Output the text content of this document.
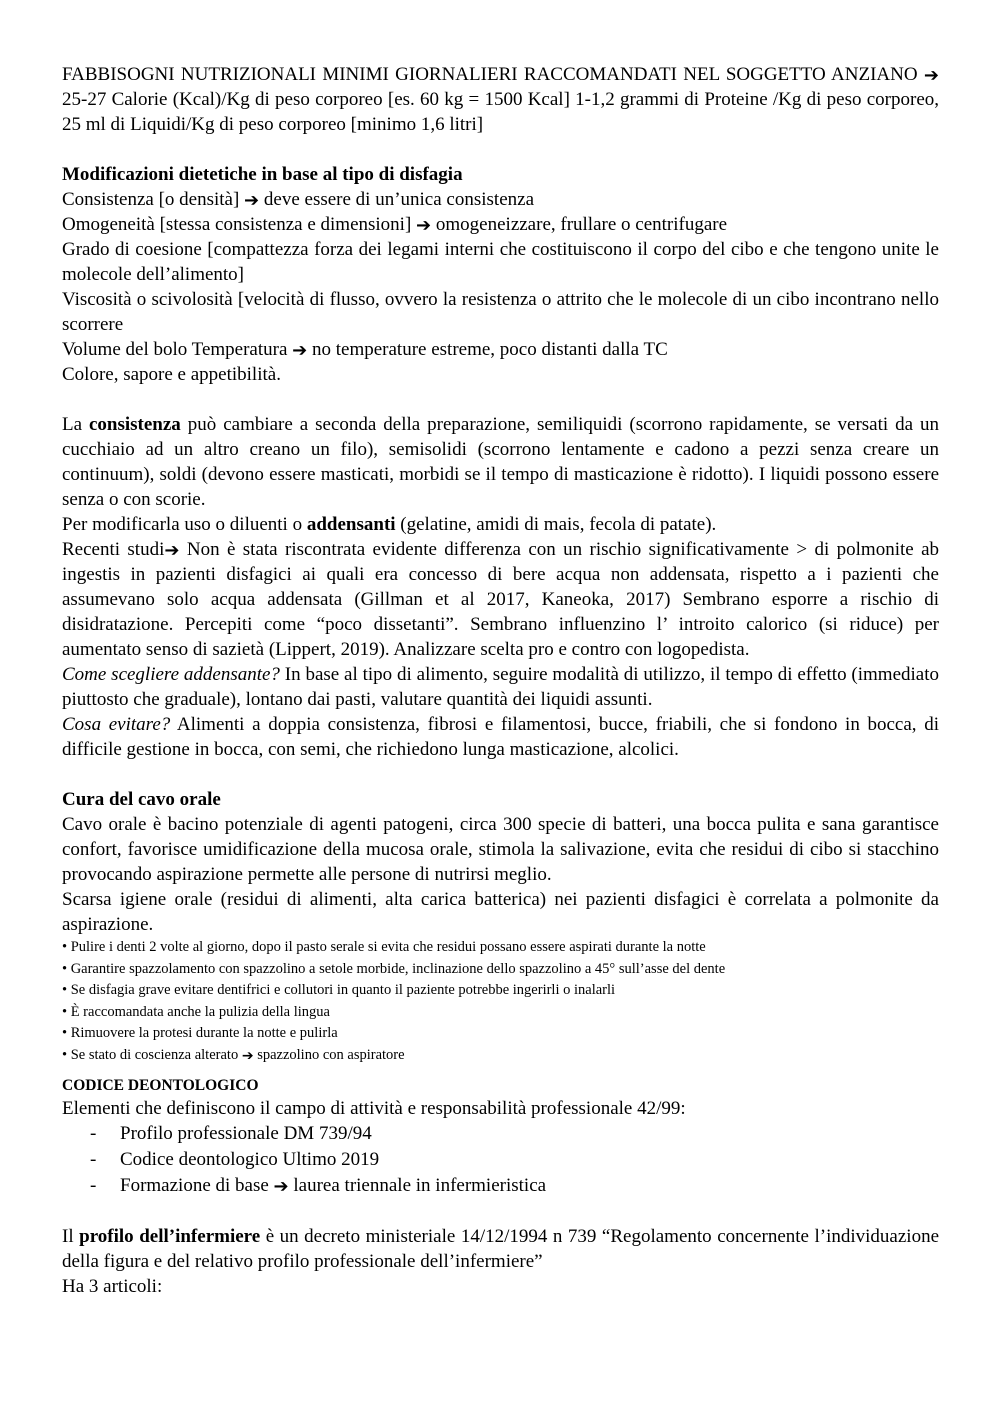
FABBISOGNI NUTRIZIONALI MINIMI GIORNALIERI RACCOMANDATI NEL SOGGETTO ANZIANO ➔ 25-27 Calorie (Kcal)/Kg di peso corporeo [es. 60 kg = 1500 Kcal] 1-1,2 grammi di Proteine /Kg di peso corporeo, 25 ml di Liquidi/Kg di peso corporeo [minimo 1,6 litri]

Modificazioni dietetiche in base al tipo di disfagia

Consistenza [o densità] ➔ deve essere di un’unica consistenza

Omogeneità [stessa consistenza e dimensioni] ➔ omogeneizzare, frullare o centrifugare

Grado di coesione [compattezza forza dei legami interni che costituiscono il corpo del cibo e che tengono unite le molecole dell’alimento]

Viscosità o scivolosità [velocità di flusso, ovvero la resistenza o attrito che le molecole di un cibo incontrano nello scorrere

Volume del bolo Temperatura ➔ no temperature estreme, poco distanti dalla TC

Colore, sapore e appetibilità.

La consistenza può cambiare a seconda della preparazione, semiliquidi (scorrono rapidamente, se versati da un cucchiaio ad un altro creano un filo), semisolidi (scorrono lentamente e cadono a pezzi senza creare un continuum), soldi (devono essere masticati, morbidi se il tempo di masticazione è ridotto). I liquidi possono essere senza o con scorie.

Per modificarla uso o diluenti o addensanti (gelatine, amidi di mais, fecola di patate).

Recenti studi➔ Non è stata riscontrata evidente differenza con un rischio significativamente > di polmonite ab ingestis in pazienti disfagici ai quali era concesso di bere acqua non addensata, rispetto a i pazienti che assumevano solo acqua addensata (Gillman et al 2017, Kaneoka, 2017) Sembrano esporre a rischio di disidratazione. Percepiti come “poco dissetanti”. Sembrano influenzino l’ introito calorico (si riduce) per aumentato senso di sazietà (Lippert, 2019). Analizzare scelta pro e contro con logopedista.

Come scegliere addensante? In base al tipo di alimento, seguire modalità di utilizzo, il tempo di effetto (immediato piuttosto che graduale), lontano dai pasti, valutare quantità dei liquidi assunti.

Cosa evitare? Alimenti a doppia consistenza, fibrosi e filamentosi, bucce, friabili, che si fondono in bocca, di difficile gestione in bocca, con semi, che richiedono lunga masticazione, alcolici.

Cura del cavo orale

Cavo orale è bacino potenziale di agenti patogeni, circa 300 specie di batteri, una bocca pulita e sana garantisce confort, favorisce umidificazione della mucosa orale, stimola la salivazione, evita che residui di cibo si stacchino provocando aspirazione permette alle persone di nutrirsi meglio.

Scarsa igiene orale (residui di alimenti, alta carica batterica) nei pazienti disfagici è correlata a polmonite da aspirazione.

• Pulire i denti 2 volte al giorno, dopo il pasto serale si evita che residui possano essere aspirati durante la notte

• Garantire spazzolamento con spazzolino a setole morbide, inclinazione dello spazzolino a 45° sull’asse del dente

• Se disfagia grave evitare dentifrici e collutori in quanto il paziente potrebbe ingerirli o inalarli

• È raccomandata anche la pulizia della lingua

• Rimuovere la protesi durante la notte e pulirla

• Se stato di coscienza alterato ➔ spazzolino con aspiratore

CODICE DEONTOLOGICO

Elementi che definiscono il campo di attività e responsabilità professionale 42/99:

-	Profilo professionale DM 739/94
-	Codice deontologico Ultimo 2019
-	Formazione di base ➔ laurea triennale in infermieristica

Il profilo dell’infermiere è un decreto ministeriale 14/12/1994 n 739 “Regolamento concernente l’individuazione della figura e del relativo profilo professionale dell’infermiere”

Ha 3 articoli:
